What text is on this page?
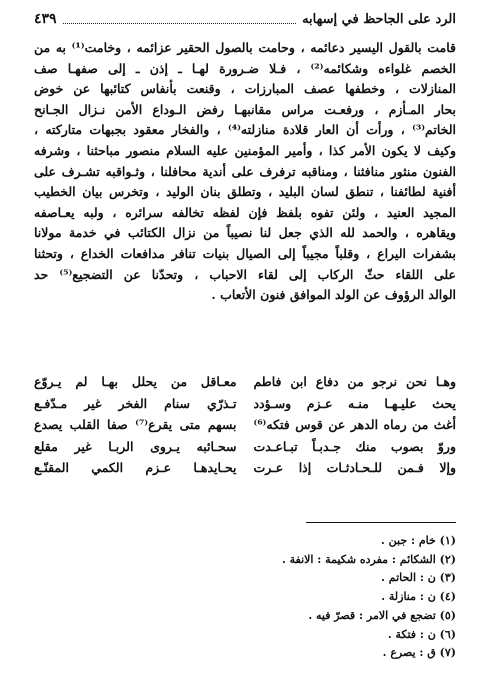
الرد على الجاحظ في إسهابه
٤٣٩
قامت بالقول اليسير دعائمه ، وحامت بالصول الحقير عزائمه ، وخامت⁽¹⁾ به من
الخصم غلواءه وشكائمه⁽²⁾ ، فـلا ضـرورة لهـا ـ إذن ـ إلى صفهـا صف
المنازلات ، وخطفها عصف المبارزات ، وقنعت بأنفاس كتائبها عن خوض
بحار المـأزم ، ورفعـت مراس مقانبهـا رفض الـوداع الأمن نـزال الجـانح
الخاتم⁽³⁾ ، ورأت أن العار قلادة منازلته⁽⁴⁾ ، والفخار معقود بجبهات متاركته ،
وكيف لا يكون الأمر كذا ، وأمير المؤمنين عليه السلام منصور مباحثنا ، وشرفه
الفنون منثور منافثنا ، ومناقبه ترفرف على أندية محافلنا ، وثـواقبه تشـرف على
أفنية لطائفنا ، تنطق لسان البليد ، وتطلق بنان الوليد ، وتخرس بيان الخطيب
المجيد العنيد ، ولئن تفوه بلفظ فإن لفظه تخالفه سرائره ، ولبه يعـاصفه
ويقاهره ، والحمد لله الذي جعل لنا نصيباً من نزال الكتائب في خدمة مولانا
بشفرات اليراع ، وقلباً مجيباً إلى الصيال بنيات تنافر مدافعات الخداع ، وتحثنا
على اللقاء حثّ الركاب إلى لقاء الاحباب ، وتحدّنا عن التضجيع⁽⁵⁾ حد
الوالد الرؤوف عن الولد الموافق فنون الأتعاب .
وهـا نحن نرجو من دفاع ابن فاطم
معـاقل من يحلل بهـا لم يـروّع
يحث عليـهـا منـه عـزم وسـؤدد
تـذرّي سنام الفخر غير مـدّفـع
أغث من رماه الدهر عن قوس فتكه⁽⁶⁾
بسهم متى يقرع⁽⁷⁾ صفا القلب يصدع
وروّ بصوب منك جـدبـاً تبـاعـدت
سحـائبه يـروى الربـا غير مقلع
وإلا فـمن للـحـادثـات إذا عـرت
يحـايدهـا عـزم الكمي المقنّـع
(١) خام : جبن .
(٢) الشكائم : مفرده شكيمة : الانفة .
(٣) ن : الحاتم .
(٤) ن : منازلة .
(٥) تضجع في الامر : قصرّ فيه .
(٦) ن : فتكة .
(٧) ق : يصرع .
